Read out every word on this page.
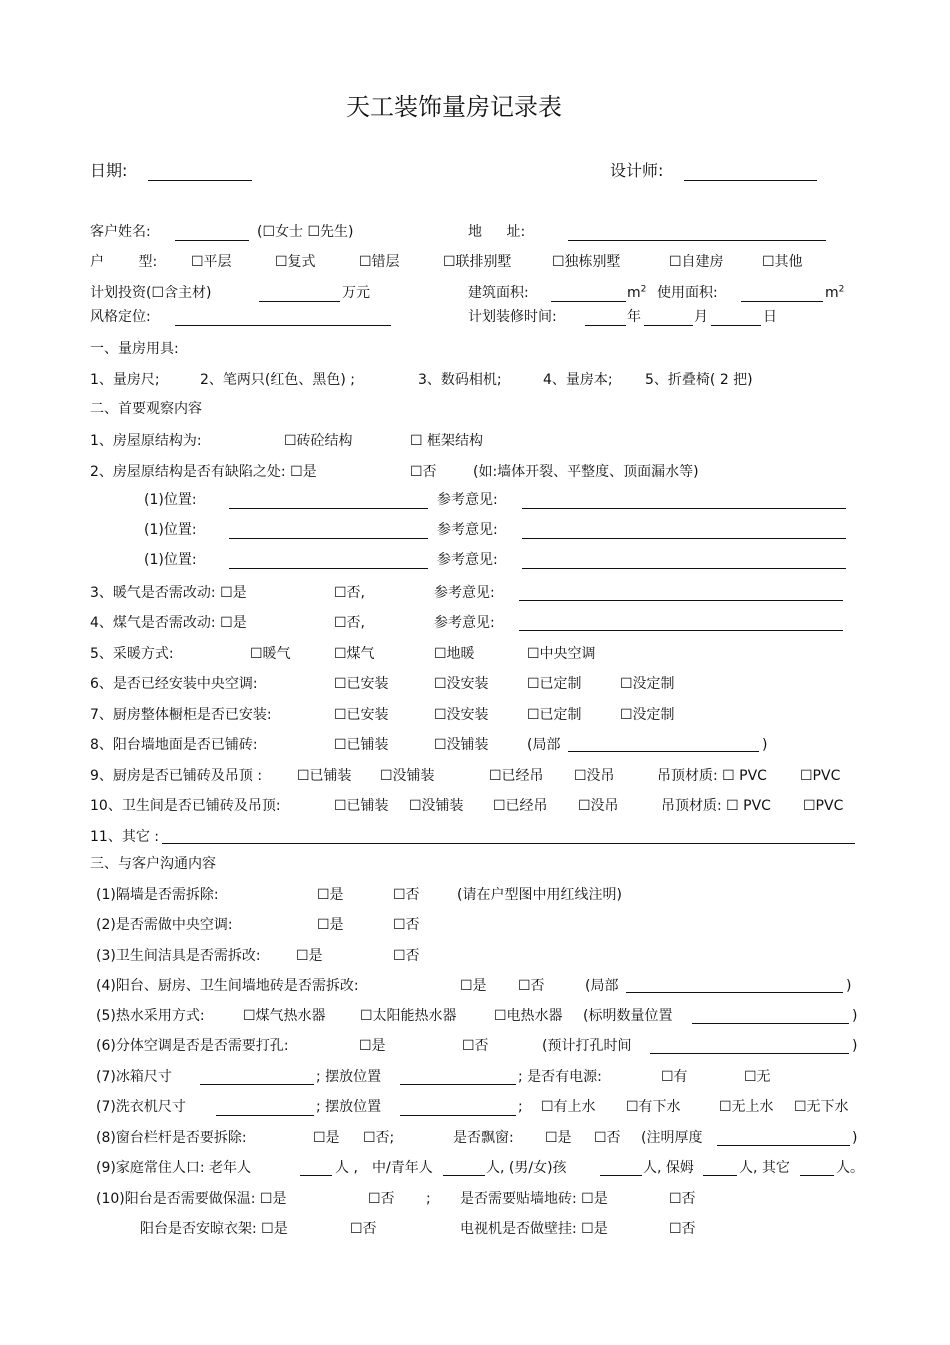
天工装饰量房记录表
日期:	设计师:
客户姓名:	(☐女士 ☐先生)	地 址:
户 型: ☐平层	☐复式	☐错层	☐联排别墅	☐独栋别墅	☐自建房	☐其他
计划投资(☐含主材)	万元	建筑面积:	$m^2$ 使用面积:	$m^2$
风格定位:	计划装修时间:	年	月	日
一、量房用具:
1、量房尺;	2、笔两只(红色、黑色) ;	3、数码相机;	4、量房本; 5、折叠椅( 2 把)
二、首要观察内容
1、房屋原结构为:	☐砖砼结构	☐ 框架结构
2、房屋原结构是否有缺陷之处: ☐是	☐否	(如:墙体开裂、平整度、顶面漏水等)
(1)位置:	参考意见:
(1)位置:	参考意见:
(1)位置:	参考意见:
3、暖气是否需改动: ☐是	☐否,	参考意见:
4、煤气是否需改动: ☐是	☐否,	参考意见:
5、采暖方式:	☐暖气	☐煤气	☐地暖	☐中央空调
6、是否已经安装中央空调:	☐已安装	☐没安装	☐已定制	☐没定制
7、厨房整体橱柜是否已安装:	☐已安装	☐没安装	☐已定制	☐没定制
8、阳台墙地面是否已铺砖:	☐已铺装	☐没铺装	(局部	)
9、厨房是否已铺砖及吊顶 : ☐已铺装 ☐没铺装	☐已经吊 ☐没吊	吊顶材质: ☐ PVC ☐PVC
10、卫生间是否已铺砖及吊顶:	☐已铺装 ☐没铺装 ☐已经吊 ☐没吊	吊顶材质: ☐ PVC ☐PVC
11、其它 :
三、与客户沟通内容
(1)隔墙是否需拆除:	☐是	☐否	(请在户型图中用红线注明)
(2)是否需做中央空调:	☐是	☐否
(3)卫生间洁具是否需拆改:	☐是	☐否
(4)阳台、厨房、卫生间墙地砖是否需拆改:	☐是 ☐否	(局部	)
(5)热水采用方式:	☐煤气热水器 ☐太阳能热水器	☐电热水器 (标明数量位置	)
(6)分体空调是否是否需要打孔:	☐是	☐否	(预计打孔时间	)
(7)冰箱尺寸	; 摆放位置	; 是否有电源:	☐有	☐无
(7)洗衣机尺寸	; 摆放位置	; ☐有上水 ☐有下水	☐无上水 ☐无下水
(8)窗台栏杆是否要拆除:	☐是 ☐否;	是否飘窗: ☐是 ☐否 (注明厚度	)
(9)家庭常住人口: 老年人	人 , 中/青年人	人, (男/女)孩	人, 保姆	人, 其它	人。
(10)阳台是否需要做保温: ☐是	☐否 ; 是否需要贴墙地砖: ☐是	☐否
阳台是否安晾衣架: ☐是	☐否	电视机是否做壁挂: ☐是	☐否
